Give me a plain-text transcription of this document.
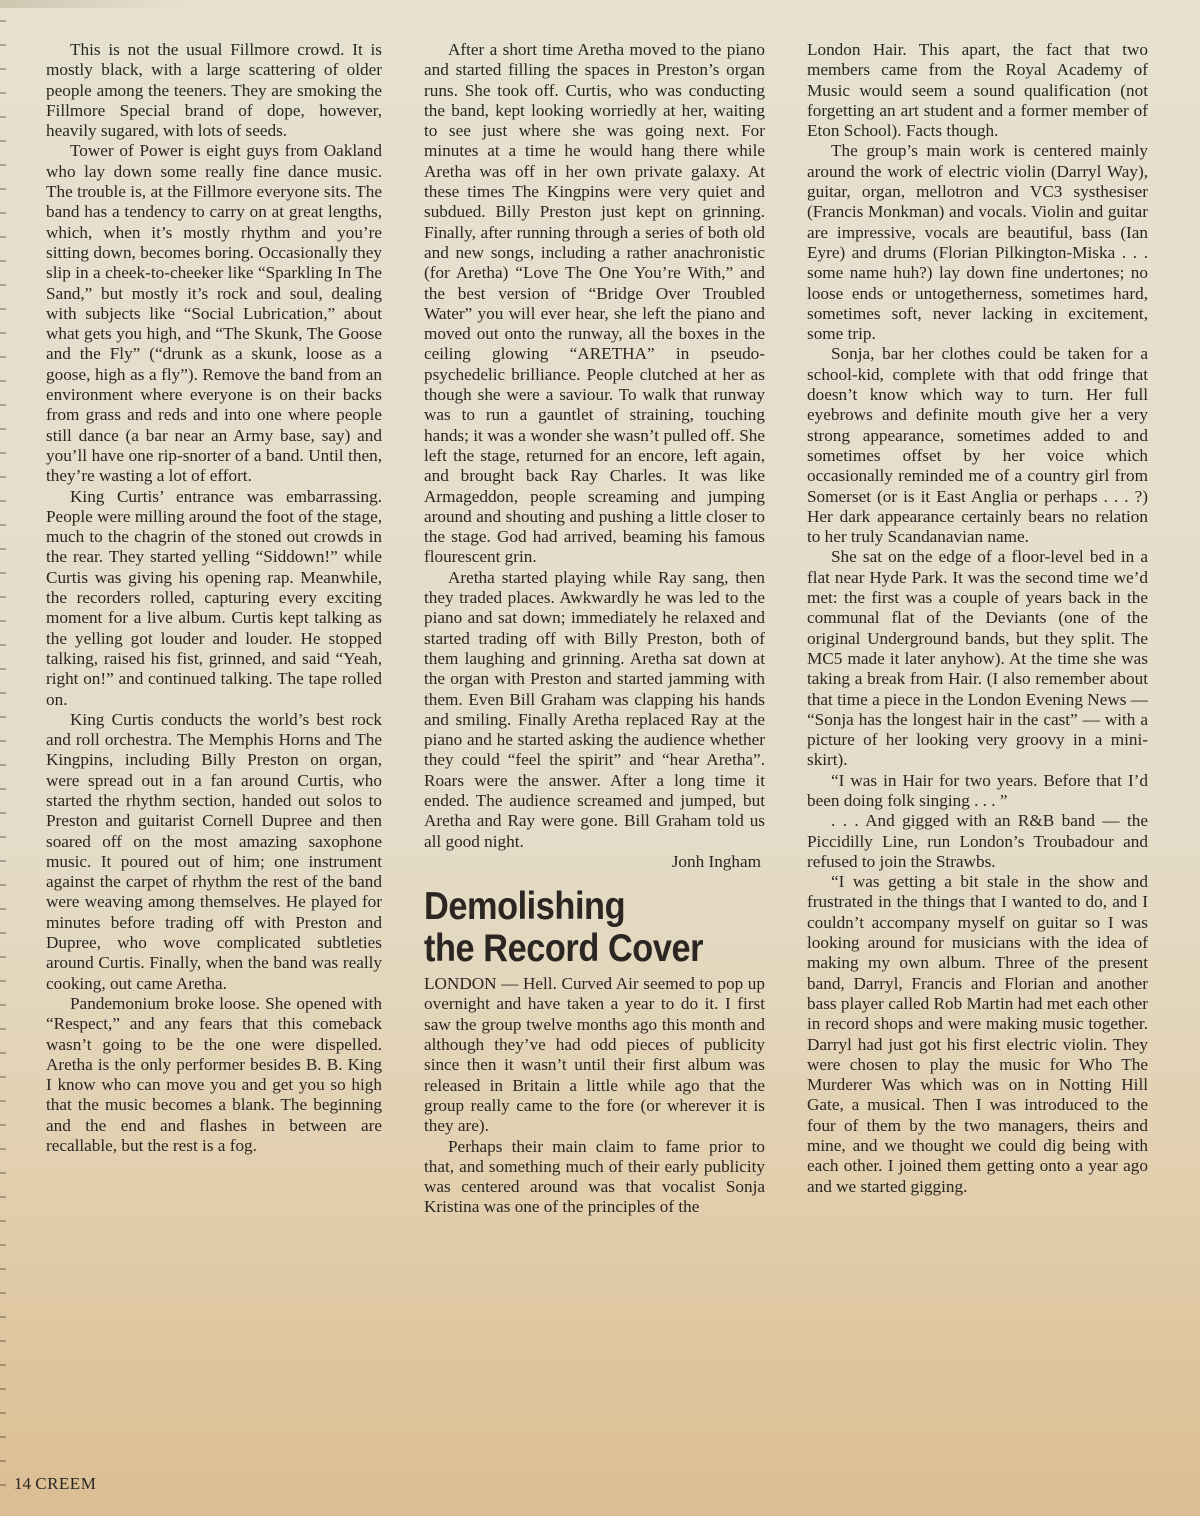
This is not the usual Fillmore crowd. It is mostly black, with a large scattering of older people among the teeners. They are smoking the Fillmore Special brand of dope, however, heavily sugared, with lots of seeds.

Tower of Power is eight guys from Oakland who lay down some really fine dance music. The trouble is, at the Fillmore everyone sits. The band has a tendency to carry on at great lengths, which, when it’s mostly rhythm and you’re sitting down, becomes boring. Occasionally they slip in a cheek-to-cheeker like “Sparkling In The Sand,” but mostly it’s rock and soul, dealing with subjects like “Social Lubrication,” about what gets you high, and “The Skunk, The Goose and the Fly” (“drunk as a skunk, loose as a goose, high as a fly”). Remove the band from an environment where everyone is on their backs from grass and reds and into one where people still dance (a bar near an Army base, say) and you’ll have one rip-snorter of a band. Until then, they’re wasting a lot of effort.

King Curtis’ entrance was embarrassing. People were milling around the foot of the stage, much to the chagrin of the stoned out crowds in the rear. They started yelling “Siddown!” while Curtis was giving his opening rap. Meanwhile, the recorders rolled, capturing every exciting moment for a live album. Curtis kept talking as the yelling got louder and louder. He stopped talking, raised his fist, grinned, and said “Yeah, right on!” and continued talking. The tape rolled on.

King Curtis conducts the world’s best rock and roll orchestra. The Memphis Horns and The Kingpins, including Billy Preston on organ, were spread out in a fan around Curtis, who started the rhythm section, handed out solos to Preston and guitarist Cornell Dupree and then soared off on the most amazing saxophone music. It poured out of him; one instrument against the carpet of rhythm the rest of the band were weaving among themselves. He played for minutes before trading off with Preston and Dupree, who wove complicated subtleties around Curtis. Finally, when the band was really cooking, out came Aretha.

Pandemonium broke loose. She opened with “Respect,” and any fears that this comeback wasn’t going to be the one were dispelled. Aretha is the only performer besides B. B. King I know who can move you and get you so high that the music becomes a blank. The beginning and the end and flashes in between are recallable, but the rest is a fog.

After a short time Aretha moved to the piano and started filling the spaces in Preston’s organ runs. She took off. Curtis, who was conducting the band, kept looking worriedly at her, waiting to see just where she was going next. For minutes at a time he would hang there while Aretha was off in her own private galaxy. At these times The Kingpins were very quiet and subdued. Billy Preston just kept on grinning. Finally, after running through a series of both old and new songs, including a rather anachronistic (for Aretha) “Love The One You’re With,” and the best version of “Bridge Over Troubled Water” you will ever hear, she left the piano and moved out onto the runway, all the boxes in the ceiling glowing “ARETHA” in pseudo-psychedelic brilliance. People clutched at her as though she were a saviour. To walk that runway was to run a gauntlet of straining, touching hands; it was a wonder she wasn’t pulled off. She left the stage, returned for an encore, left again, and brought back Ray Charles. It was like Armageddon, people screaming and jumping around and shouting and pushing a little closer to the stage. God had arrived, beaming his famous flourescent grin.

Aretha started playing while Ray sang, then they traded places. Awkwardly he was led to the piano and sat down; immediately he relaxed and started trading off with Billy Preston, both of them laughing and grinning. Aretha sat down at the organ with Preston and started jamming with them. Even Bill Graham was clapping his hands and smiling. Finally Aretha replaced Ray at the piano and he started asking the audience whether they could “feel the spirit” and “hear Aretha”. Roars were the answer. After a long time it ended. The audience screamed and jumped, but Aretha and Ray were gone. Bill Graham told us all good night.

Jonh Ingham
Demolishing
the Record Cover

LONDON — Hell. Curved Air seemed to pop up overnight and have taken a year to do it. I first saw the group twelve months ago this month and although they’ve had odd pieces of publicity since then it wasn’t until their first album was released in Britain a little while ago that the group really came to the fore (or wherever it is they are).

Perhaps their main claim to fame prior to that, and something much of their early publicity was centered around was that vocalist Sonja Kristina was one of the principles of the

London Hair. This apart, the fact that two members came from the Royal Academy of Music would seem a sound qualification (not forgetting an art student and a former member of Eton School). Facts though.

The group’s main work is centered mainly around the work of electric violin (Darryl Way), guitar, organ, mellotron and VC3 systhesiser (Francis Monkman) and vocals. Violin and guitar are impressive, vocals are beautiful, bass (Ian Eyre) and drums (Florian Pilkington-Miska . . . some name huh?) lay down fine undertones; no loose ends or untogetherness, sometimes hard, sometimes soft, never lacking in excitement, some trip.

Sonja, bar her clothes could be taken for a school-kid, complete with that odd fringe that doesn’t know which way to turn. Her full eyebrows and definite mouth give her a very strong appearance, sometimes added to and sometimes offset by her voice which occasionally reminded me of a country girl from Somerset (or is it East Anglia or perhaps . . . ?) Her dark appearance certainly bears no relation to her truly Scandanavian name.

She sat on the edge of a floor-level bed in a flat near Hyde Park. It was the second time we’d met: the first was a couple of years back in the communal flat of the Deviants (one of the original Underground bands, but they split. The MC5 made it later anyhow). At the time she was taking a break from Hair. (I also remember about that time a piece in the London Evening News — “Sonja has the longest hair in the cast” — with a picture of her looking very groovy in a mini-skirt).

“I was in Hair for two years. Before that I’d been doing folk singing . . . ”

. . . And gigged with an R&B band — the Piccidilly Line, run London’s Troubadour and refused to join the Strawbs.

“I was getting a bit stale in the show and frustrated in the things that I wanted to do, and I couldn’t accompany myself on guitar so I was looking around for musicians with the idea of making my own album. Three of the present band, Darryl, Francis and Florian and another bass player called Rob Martin had met each other in record shops and were making music together. Darryl had just got his first electric violin. They were chosen to play the music for Who The Murderer Was which was on in Notting Hill Gate, a musical. Then I was introduced to the four of them by the two managers, theirs and mine, and we thought we could dig being with each other. I joined them getting onto a year ago and we started gigging.

14 CREEM
